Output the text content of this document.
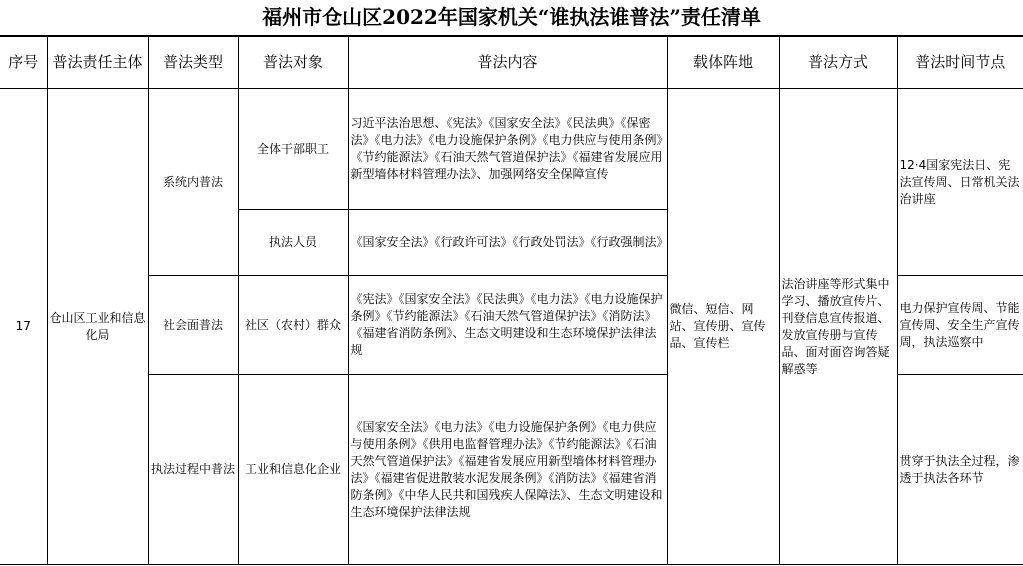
福州市仓山区2022年国家机关“谁执法谁普法”责任清单
序号	普法责任主体	普法类型	普法对象	普法内容	载体阵地	普法方式	普法时间节点
17	仓山区工业和信息化局	系统内普法	全体干部职工	习近平法治思想、《宪法》《国家安全法》《民法典》《保密法》《电力法》《电力设施保护条例》《电力供应与使用条例》《节约能源法》《石油天然气管道保护法》《福建省发展应用新型墙体材料管理办法》、加强网络安全保障宣传	微信、短信、网站、宣传册、宣传品、宣传栏	法治讲座等形式集中学习、播放宣传片、刊登信息宣传报道、发放宣传册与宣传品、面对面咨询答疑解惑等	12·4国家宪法日、宪法宣传周、日常机关法治讲座
			执法人员	《国家安全法》《行政许可法》《行政处罚法》《行政强制法》			
		社会面普法	社区（农村）群众	《宪法》《国家安全法》《民法典》《电力法》《电力设施保护条例》《节约能源法》《石油天然气管道保护法》《消防法》《福建省消防条例》、生态文明建设和生态环境保护法律法规			电力保护宣传周、节能宣传周、安全生产宣传周，执法巡察中
		执法过程中普法	工业和信息化企业	《国家安全法》《电力法》《电力设施保护条例》《电力供应与使用条例》《供用电监督管理办法》《节约能源法》《石油天然气管道保护法》《福建省发展应用新型墙体材料管理办法》《福建省促进散装水泥发展条例》《消防法》《福建省消防条例》《中华人民共和国残疾人保障法》、生态文明建设和生态环境保护法律法规			贯穿于执法全过程，渗透于执法各环节
